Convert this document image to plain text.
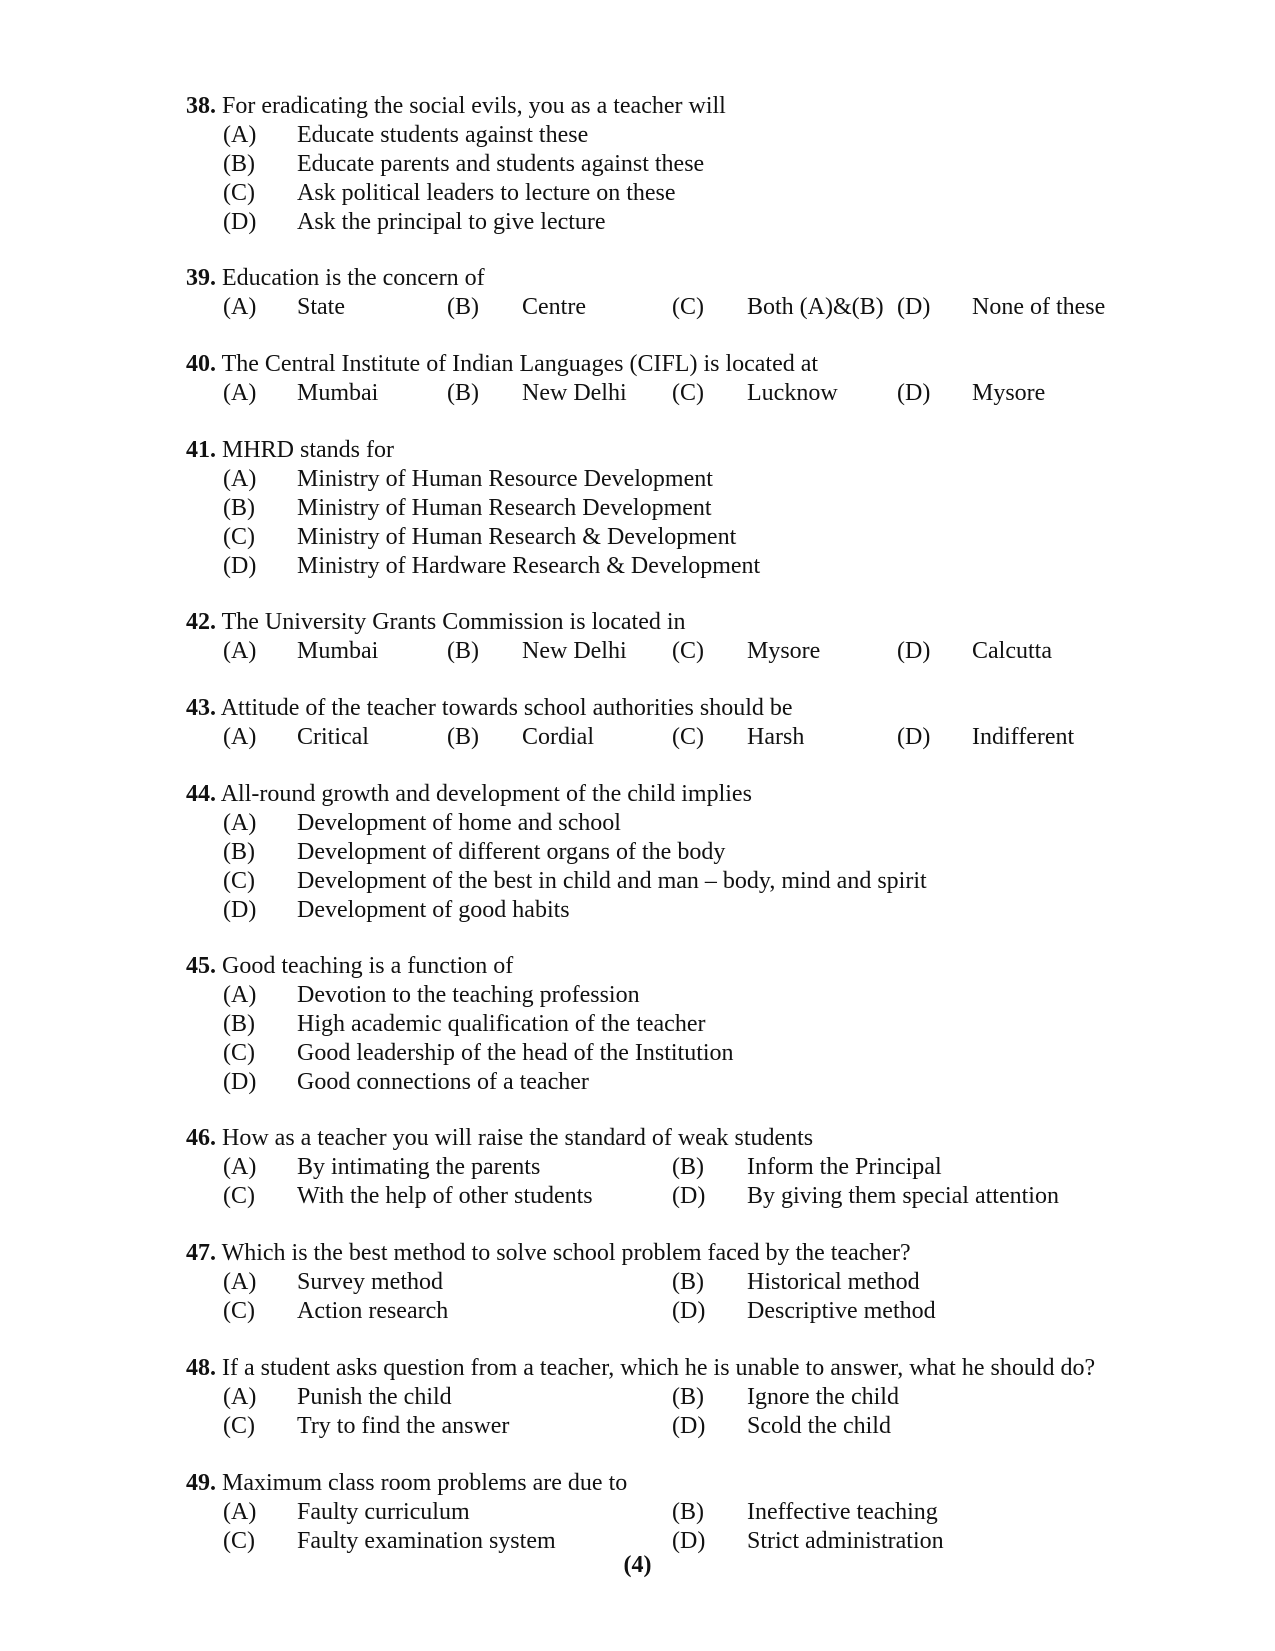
38. For eradicating the social evils, you as a teacher will
(A) Educate students against these
(B) Educate parents and students against these
(C) Ask political leaders to lecture on these
(D) Ask the principal to give lecture
39. Education is the concern of
(A) State	(B) Centre	(C) Both (A)&(B) (D) None of these
40. The Central Institute of Indian Languages (CIFL) is located at
(A) Mumbai	(B) New Delhi (C) Lucknow (D) Mysore
41. MHRD stands for
(A) Ministry of Human Resource Development
(B) Ministry of Human Research Development
(C) Ministry of Human Research & Development
(D) Ministry of Hardware Research & Development
42. The University Grants Commission is located in
(A) Mumbai	(B) New Delhi (C) Mysore	(D) Calcutta
43. Attitude of the teacher towards school authorities should be
(A) Critical	(B) Cordial	(C) Harsh	(D) Indifferent
44. All-round growth and development of the child implies
(A) Development of home and school
(B) Development of different organs of the body
(C) Development of the best in child and man – body, mind and spirit
(D) Development of good habits
45. Good teaching is a function of
(A) Devotion to the teaching profession
(B) High academic qualification of the teacher
(C) Good leadership of the head of the Institution
(D) Good connections of a teacher
46. How as a teacher you will raise the standard of weak students
(A) By intimating the parents	(B) Inform the Principal
(C) With the help of other students	(D) By giving them special attention
47. Which is the best method to solve school problem faced by the teacher?
(A) Survey method	(B) Historical method
(C) Action research	(D) Descriptive method
48. If a student asks question from a teacher, which he is unable to answer, what he should do?
(A) Punish the child	(B) Ignore the child
(C) Try to find the answer	(D) Scold the child
49. Maximum class room problems are due to
(A) Faulty curriculum	(B) Ineffective teaching
(C) Faulty examination system	(D) Strict administration
(4)
